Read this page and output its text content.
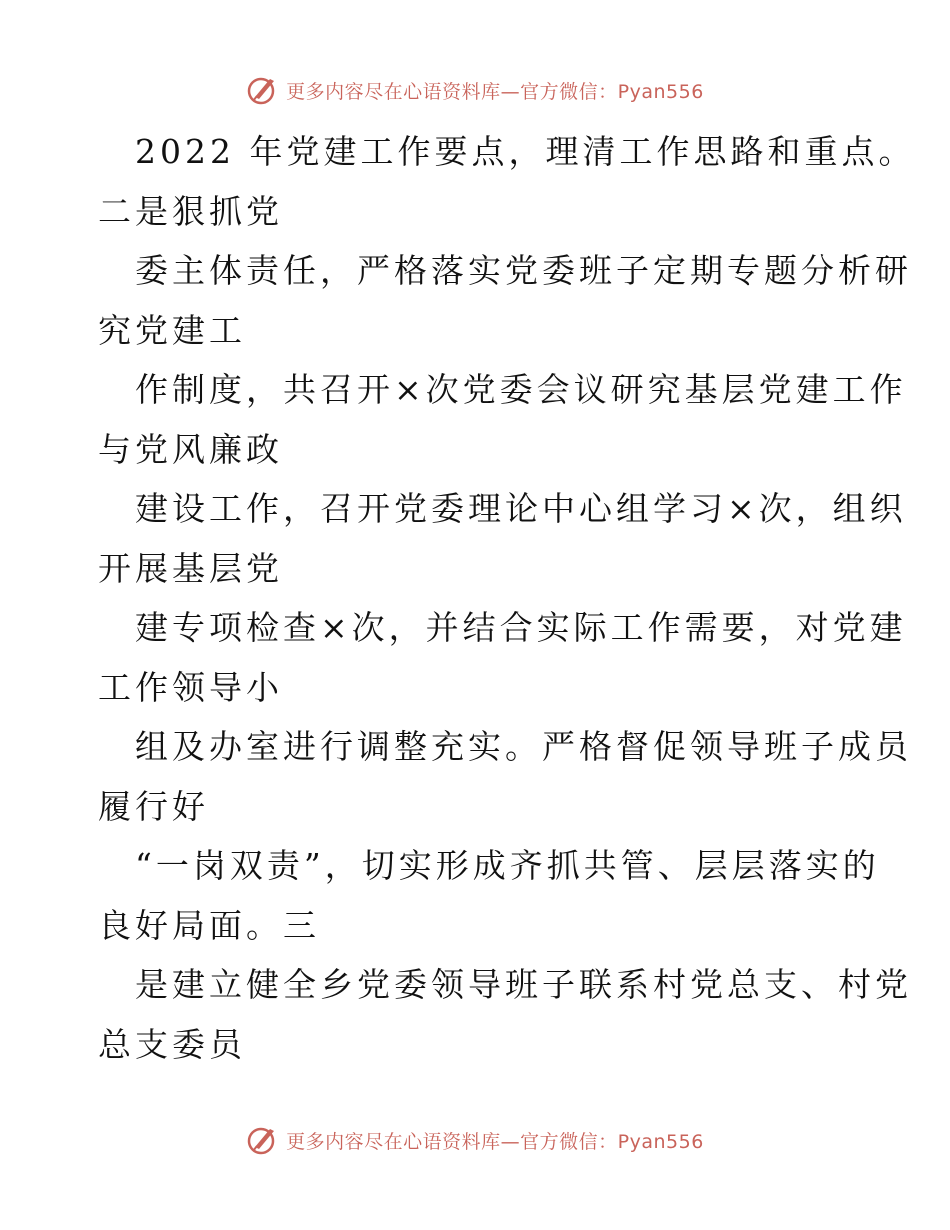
更多内容尽在心语资料库—官方微信：Pyan556
2022 年党建工作要点，理清工作思路和重点。
二是狠抓党
委主体责任，严格落实党委班子定期专题分析研
究党建工
作制度，共召开×次党委会议研究基层党建工作
与党风廉政
建设工作，召开党委理论中心组学习×次，组织
开展基层党
建专项检查×次，并结合实际工作需要，对党建
工作领导小
组及办室进行调整充实。严格督促领导班子成员
履行好
“一岗双责”，切实形成齐抓共管、层层落实的
良好局面。三
是建立健全乡党委领导班子联系村党总支、村党
总支委员
更多内容尽在心语资料库—官方微信：Pyan556
